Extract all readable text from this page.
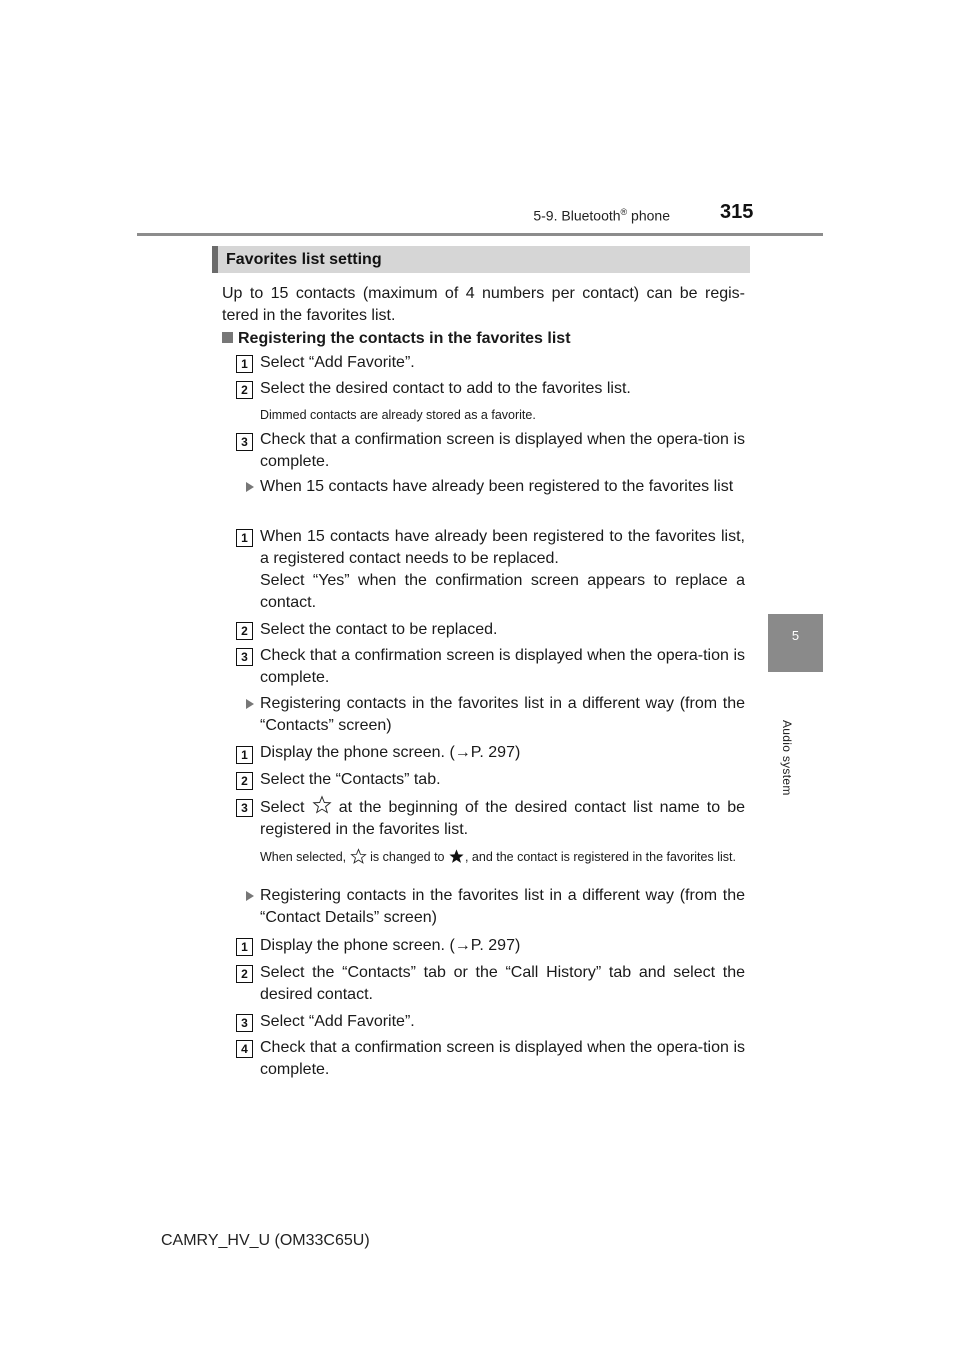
5-9. Bluetooth® phone	315
5
Audio system
Favorites list setting
Up to 15 contacts (maximum of 4 numbers per contact) can be regis-tered in the favorites list.
Registering the contacts in the favorites list
1 Select “Add Favorite”.
2 Select the desired contact to add to the favorites list.
Dimmed contacts are already stored as a favorite.
3 Check that a confirmation screen is displayed when the opera-tion is complete.
When 15 contacts have already been registered to the favorites list
1 When 15 contacts have already been registered to the favorites list, a registered contact needs to be replaced.
Select “Yes” when the confirmation screen appears to replace a contact.
2 Select the contact to be replaced.
3 Check that a confirmation screen is displayed when the opera-tion is complete.
Registering contacts in the favorites list in a different way (from the “Contacts” screen)
1 Display the phone screen. (→P. 297)
2 Select the “Contacts” tab.
3 Select at the beginning of the desired contact list name to be registered in the favorites list.
When selected, is changed to , and the contact is registered in the favorites list.
Registering contacts in the favorites list in a different way (from the “Contact Details” screen)
1 Display the phone screen. (→P. 297)
2 Select the “Contacts” tab or the “Call History” tab and select the desired contact.
3 Select “Add Favorite”.
4 Check that a confirmation screen is displayed when the opera-tion is complete.
CAMRY_HV_U (OM33C65U)
